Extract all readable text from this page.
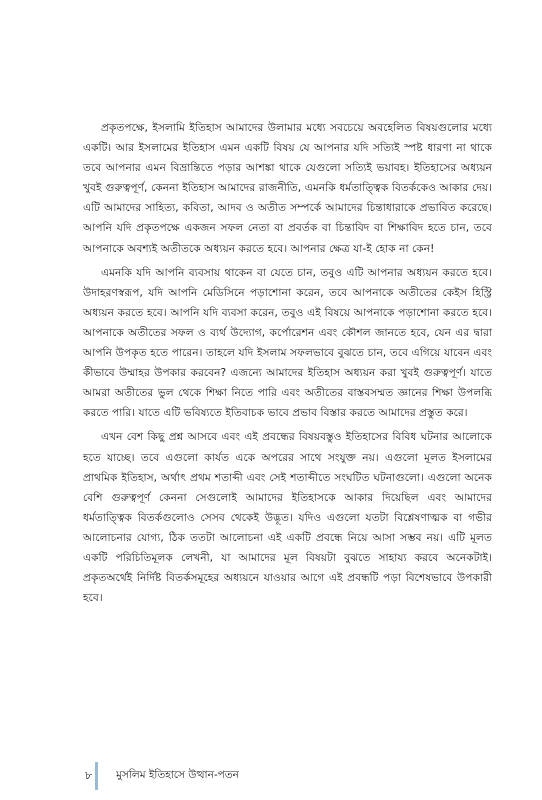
প্রকৃতপক্ষে, ইসলামি ইতিহাস আমাদের উলামার মধ্যে সবচেয়ে অবহেলিত বিষয়গুলোর মধ্যে একটি। আর ইসলামের ইতিহাস এমন একটি বিষয় যে আপনার যদি সত্যিই স্পষ্ট ধারণা না থাকে তবে আপনার এমন বিভ্রান্তিতে পড়ার আশঙ্কা থাকে যেগুলো সত্যিই ভয়াবহ। ইতিহাসের অধ্যয়ন খুবই গুরুত্বপূর্ণ, কেননা ইতিহাস আমাদের রাজনীতি, এমনকি ধর্মতাত্ত্বিক বিতর্ককেও আকার দেয়। এটি আমাদের সাহিত্য, কবিতা, আদব ও অতীত সম্পর্কে আমাদের চিন্তাধারাকে প্রভাবিত করেছে। আপনি যদি প্রকৃতপক্ষে একজন সফল নেতা বা প্রবর্তক বা চিন্তাবিদ বা শিক্ষাবিদ হতে চান, তবে আপনাকে অবশ্যই অতীতকে অধ্যয়ন করতে হবে। আপনার ক্ষেত্র যা-ই হোক না কেন!

এমনকি যদি আপনি ব্যবসায় থাকেন বা যেতে চান, তবুও এটি আপনার অধ্যয়ন করতে হবে। উদাহরণস্বরূপ, যদি আপনি মেডিসিনে পড়াশোনা করেন, তবে আপনাকে অতীতের কেইস হিস্ট্রি অধ্যয়ন করতে হবে। আপনি যদি ব্যবসা করেন, তবুও এই বিষয়ে আপনাকে পড়াশোনা করতে হবে। আপনাকে অতীতের সফল ও ব্যর্থ উদ্যোগ, কর্পোরেশন এবং কৌশল জানতে হবে, যেন এর দ্বারা আপনি উপকৃত হতে পারেন। তাহলে যদি ইসলাম সফলভাবে বুঝতে চান, তবে এগিয়ে যাবেন এবং কীভাবে উম্মাহর উপকার করবেন? এজন্যে আমাদের ইতিহাস অধ্যয়ন করা খুবই গুরুত্বপূর্ণ। যাতে আমরা অতীতের ভুল থেকে শিক্ষা নিতে পারি এবং অতীতের বাস্তবসম্মত জ্ঞানের শিক্ষা উপলব্ধি করতে পারি। যাতে এটি ভবিষ্যতে ইতিবাচক ভাবে প্রভাব বিস্তার করতে আমাদের প্রস্তুত করে।

এখন বেশ কিছু প্রশ্ন আসবে এবং এই প্রবন্ধের বিষয়বস্তুও ইতিহাসের বিবিধ ঘটনার আলোকে হতে যাচ্ছে। তবে এগুলো কার্যত একে অপরের সাথে সংযুক্ত নয়। এগুলো মূলত ইসলামের প্রাথমিক ইতিহাস, অর্থাৎ প্রথম শতাব্দী এবং সেই শতাব্দীতে সংঘটিত ঘটনাগুলো। এগুলো অনেক বেশি গুরুত্বপূর্ণ কেননা সেগুলোই আমাদের ইতিহাসকে আকার দিয়েছিল এবং আমাদের ধর্মতাত্ত্বিক বিতর্কগুলোও সেসব থেকেই উদ্ভূত। যদিও এগুলো যতটা বিশ্লেষণাত্মক বা গভীর আলোচনার যোগ্য, ঠিক ততটা আলোচনা এই একটি প্রবন্ধে নিয়ে আসা সম্ভব নয়। এটি মূলত একটি পরিচিতিমূলক লেখনী, যা আমাদের মূল বিষয়টা বুঝতে সাহায্য করবে অনেকটাই। প্রকৃতঅর্থেই নির্দিষ্ট বিতর্কসমূহের অধ্যয়নে যাওয়ার আগে এই প্রবন্ধটি পড়া বিশেষভাবে উপকারী হবে।

৮ মুসলিম ইতিহাসে উত্থান-পতন
